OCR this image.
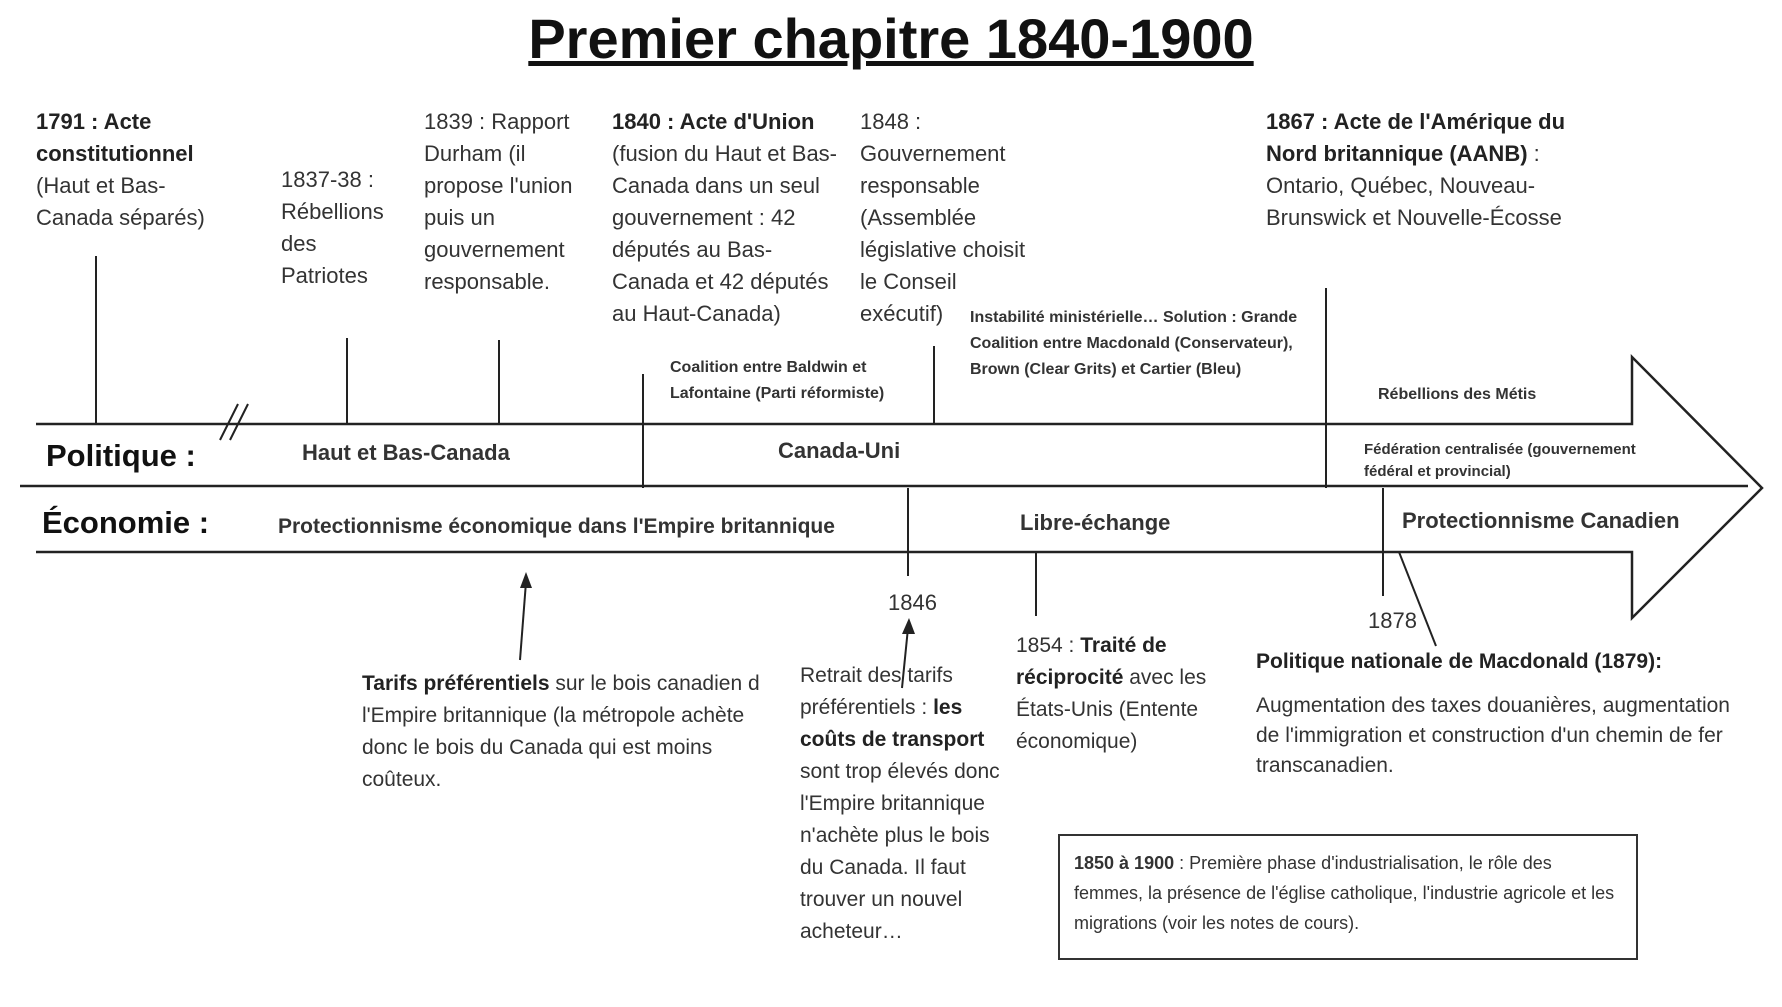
Premier chapitre 1840-1900
Politique :
Économie :
1791 : Acte constitutionnel (Haut et Bas-Canada séparés)
1837-38 : Rébellions des Patriotes
1839 : Rapport Durham (il propose l'union puis un gouvernement responsable.
1840 : Acte d'Union (fusion du Haut et Bas-Canada dans un seul gouvernement : 42 députés au Bas-Canada et 42 députés au Haut-Canada)
1848 : Gouvernement responsable (Assemblée législative choisit le Conseil exécutif)
1867 : Acte de l'Amérique du Nord britannique (AANB) : Ontario, Québec, Nouveau-Brunswick et Nouvelle-Écosse
Coalition entre Baldwin et Lafontaine (Parti réformiste)
Instabilité ministérielle… Solution : Grande Coalition entre Macdonald (Conservateur), Brown (Clear Grits) et Cartier (Bleu)
Rébellions des Métis
Fédération centralisée (gouvernement fédéral et provincial)
Haut et Bas-Canada	Canada-Uni
Protectionnisme économique dans l'Empire britannique	Libre-échange	Protectionnisme Canadien
1846
1878
Tarifs préférentiels sur le bois canadien d l'Empire britannique (la métropole achète donc le bois du Canada qui est moins coûteux.
Retrait des tarifs préférentiels : les coûts de transport sont trop élevés donc l'Empire britannique n'achète plus le bois du Canada. Il faut trouver un nouvel acheteur…
1854 : Traité de réciprocité avec les États-Unis (Entente économique)
Politique nationale de Macdonald (1879):
Augmentation des taxes douanières, augmentation de l'immigration et construction d'un chemin de fer transcanadien.
1850 à 1900 : Première phase d'industrialisation, le rôle des femmes, la présence de l'église catholique, l'industrie agricole et les migrations (voir les notes de cours).
